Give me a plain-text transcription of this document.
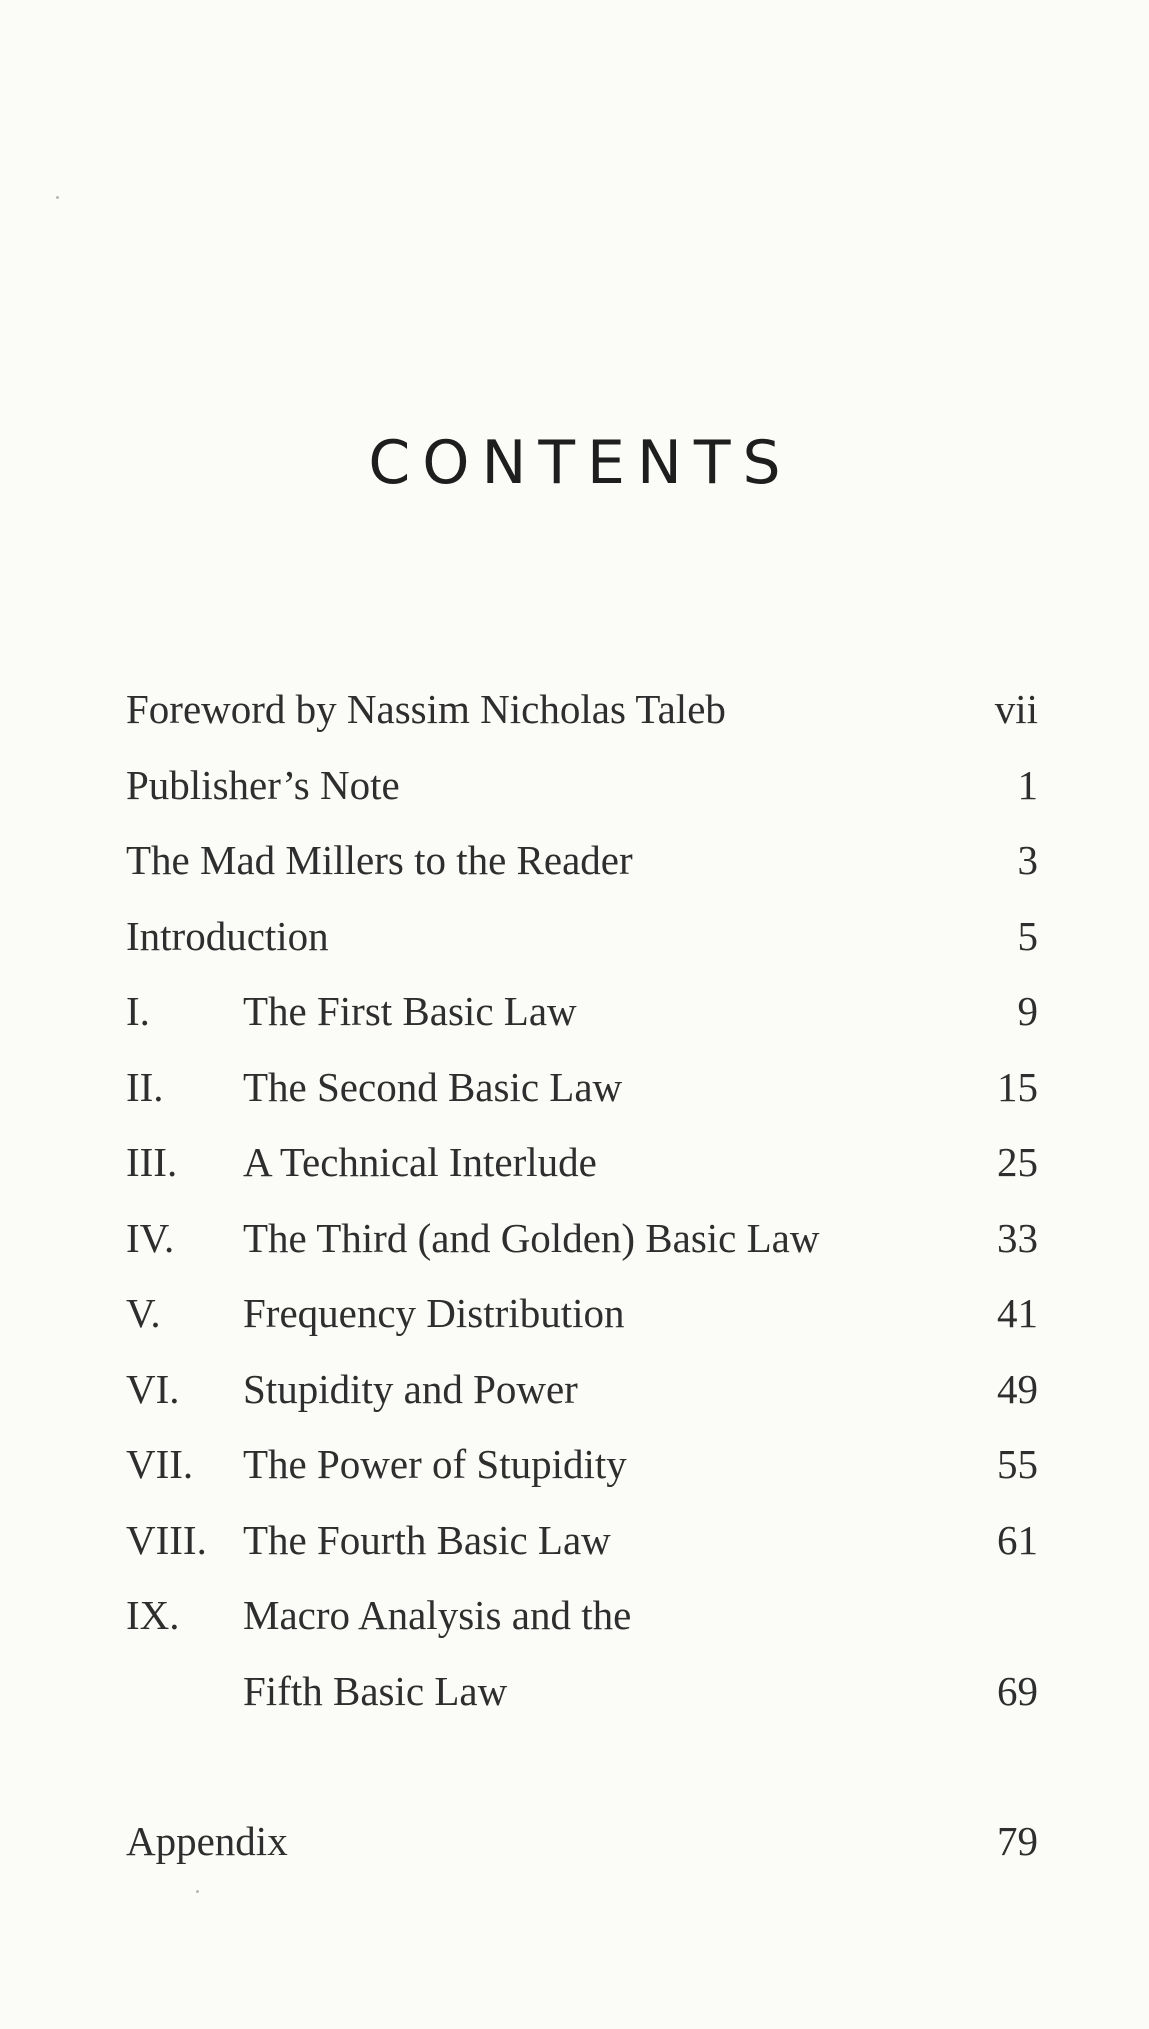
CONTENTS
Foreword by Nassim Nicholas Taleb	vii
Publisher’s Note	1
The Mad Millers to the Reader	3
Introduction	5
I. The First Basic Law	9
II. The Second Basic Law	15
III. A Technical Interlude	25
IV. The Third (and Golden) Basic Law	33
V. Frequency Distribution	41
VI. Stupidity and Power	49
VII. The Power of Stupidity	55
VIII. The Fourth Basic Law	61
IX. Macro Analysis and the
Fifth Basic Law	69
Appendix	79
